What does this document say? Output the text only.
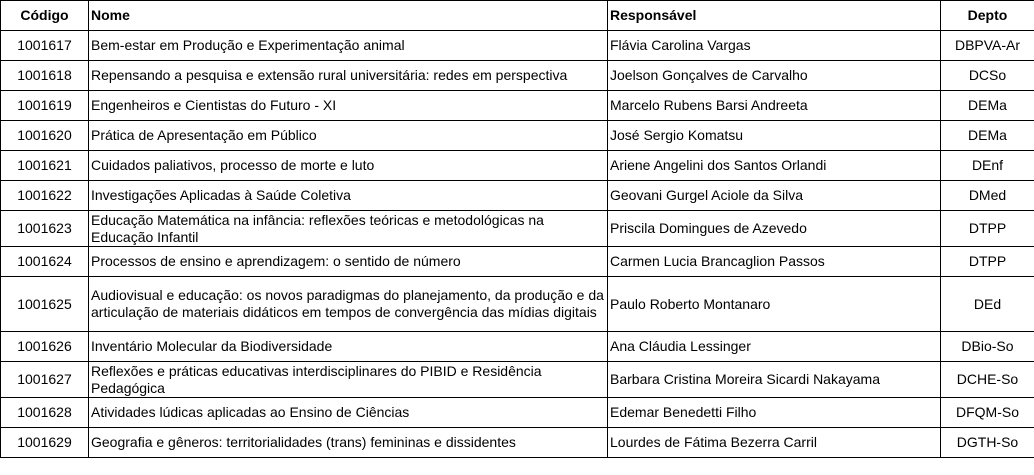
Código	Nome	Responsável	Depto
1001617	Bem-estar em Produção e Experimentação animal	Flávia Carolina Vargas	DBPVA-Ar
1001618	Repensando a pesquisa e extensão rural universitária: redes em perspectiva	Joelson Gonçalves de Carvalho	DCSo
1001619	Engenheiros e Cientistas do Futuro - XI	Marcelo Rubens Barsi Andreeta	DEMa
1001620	Prática de Apresentação em Público	José Sergio Komatsu	DEMa
1001621	Cuidados paliativos, processo de morte e luto	Ariene Angelini dos Santos Orlandi	DEnf
1001622	Investigações Aplicadas à Saúde Coletiva	Geovani Gurgel Aciole da Silva	DMed
1001623	Educação Matemática na infância: reflexões teóricas e metodológicas na Educação Infantil	Priscila Domingues de Azevedo	DTPP
1001624	Processos de ensino e aprendizagem: o sentido de número	Carmen Lucia Brancaglion Passos	DTPP
1001625	Audiovisual e educação: os novos paradigmas do planejamento, da produção e da articulação de materiais didáticos em tempos de convergência das mídias digitais	Paulo Roberto Montanaro	DEd
1001626	Inventário Molecular da Biodiversidade	Ana Cláudia Lessinger	DBio-So
1001627	Reflexões e práticas educativas interdisciplinares do PIBID e Residência Pedagógica	Barbara Cristina Moreira Sicardi Nakayama	DCHE-So
1001628	Atividades lúdicas aplicadas ao Ensino de Ciências	Edemar Benedetti Filho	DFQM-So
1001629	Geografia e gêneros: territorialidades (trans) femininas e dissidentes	Lourdes de Fátima Bezerra Carril	DGTH-So
